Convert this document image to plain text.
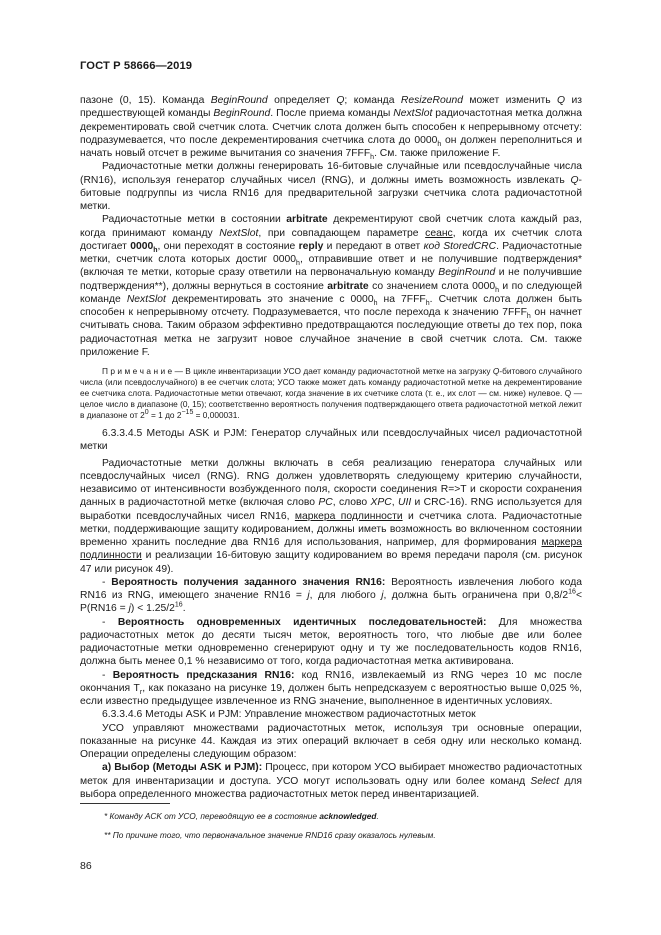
ГОСТ Р 58666—2019

пазоне (0, 15). Команда BeginRound определяет Q; команда ResizeRound может изменить Q из предшествующей команды BeginRound. После приема команды NextSlot радиочастотная метка должна декрементировать свой счетчик слота. Счетчик слота должен быть способен к непрерывному отсчету: подразумевается, что после декрементирования счетчика слота до $0000_h$ он должен переполниться и начать новый отсчет в режиме вычитания со значения $7FFF_h$. См. также приложение F.

Радиочастотные метки должны генерировать 16-битовые случайные или псевдослучайные числа (RN16), используя генератор случайных чисел (RNG), и должны иметь возможность извлекать Q-битовые подгруппы из числа RN16 для предварительной загрузки счетчика слота радиочастотной метки.

Радиочастотные метки в состоянии arbitrate декрементируют свой счетчик слота каждый раз, когда принимают команду NextSlot, при совпадающем параметре сеанс, когда их счетчик слота достигает $0000_h$, они переходят в состояние reply и передают в ответ код StoredCRC. Радиочастотные метки, счетчик слота которых достиг $0000_h$, отправившие ответ и не получившие подтверждения* (включая те метки, которые сразу ответили на первоначальную команду BeginRound и не получившие подтверждения**), должны вернуться в состояние arbitrate со значением слота $0000_h$ и по следующей команде NextSlot декрементировать это значение с $0000_h$ на $7FFF_h$. Счетчик слота должен быть способен к непрерывному отсчету. Подразумевается, что после перехода к значению $7FFF_h$ он начнет считывать снова. Таким образом эффективно предотвращаются последующие ответы до тех пор, пока радиочастотная метка не загрузит новое случайное значение в свой счетчик слота. См. также приложение F.

П р и м е ч а н и е — В цикле инвентаризации УСО дает команду радиочастотной метке на загрузку Q-битового случайного числа (или псевдослучайного) в ее счетчик слота; УСО также может дать команду радиочастотной метке на декрементирование ее счетчика слота. Радиочастотные метки отвечают, когда значение в их счетчике слота (т. е., их слот — см. ниже) нулевое. Q — целое число в диапазоне (0, 15); соответственно вероятность получения подтверждающего ответа радиочастотной меткой лежит в диапазоне от $2^0 = 1$ до $2^{-15} = 0,000031$.

6.3.3.4.5 Методы ASK и PJM: Генератор случайных или псевдослучайных чисел радиочастотной метки

Радиочастотные метки должны включать в себя реализацию генератора случайных или псевдослучайных чисел (RNG). RNG должен удовлетворять следующему критерию случайности, независимо от интенсивности возбужденного поля, скорости соединения R=>T и скорости сохранения данных в радиочастотной метке (включая слово PC, слово XPC, UII и CRC-16). RNG используется для выработки псевдослучайных чисел RN16, маркера подлинности и счетчика слота. Радиочастотные метки, поддерживающие защиту кодированием, должны иметь возможность во включенном состоянии временно хранить последние два RN16 для использования, например, для формирования маркера подлинности и реализации 16-битовую защиту кодированием во время передачи пароля (см. рисунок 47 или рисунок 49).

- Вероятность получения заданного значения RN16: Вероятность извлечения любого кода RN16 из RNG, имеющего значение RN16 = j, для любого j, должна быть ограничена при $0,8/2^{16}< P(RN16 = j) < 1.25/2^{16}$.

- Вероятность одновременных идентичных последовательностей: Для множества радиочастотных меток до десяти тысяч меток, вероятность того, что любые две или более радиочастотные метки одновременно сгенерируют одну и ту же последовательность кодов RN16, должна быть менее 0,1 % независимо от того, когда радиочастотная метка активирована.

- Вероятность предсказания RN16: код RN16, извлекаемый из RNG через 10 мс после окончания $T_r$, как показано на рисунке 19, должен быть непредсказуем с вероятностью выше 0,025 %, если известно предыдущее извлеченное из RNG значение, выполненное в идентичных условиях.

6.3.3.4.6 Методы ASK и PJM: Управление множеством радиочастотных меток

УСО управляют множествами радиочастотных меток, используя три основные операции, показанные на рисунке 44. Каждая из этих операций включает в себя одну или несколько команд. Операции определены следующим образом:

а) Выбор (Методы ASK и PJM): Процесс, при котором УСО выбирает множество радиочастотных меток для инвентаризации и доступа. УСО могут использовать одну или более команд Select для выбора определенного множества радиочастотных меток перед инвентаризацией.

* Команду ACK от УСО, переводящую ее в состояние acknowledged.

** По причине того, что первоначальное значение RND16 сразу оказалось нулевым.

86
